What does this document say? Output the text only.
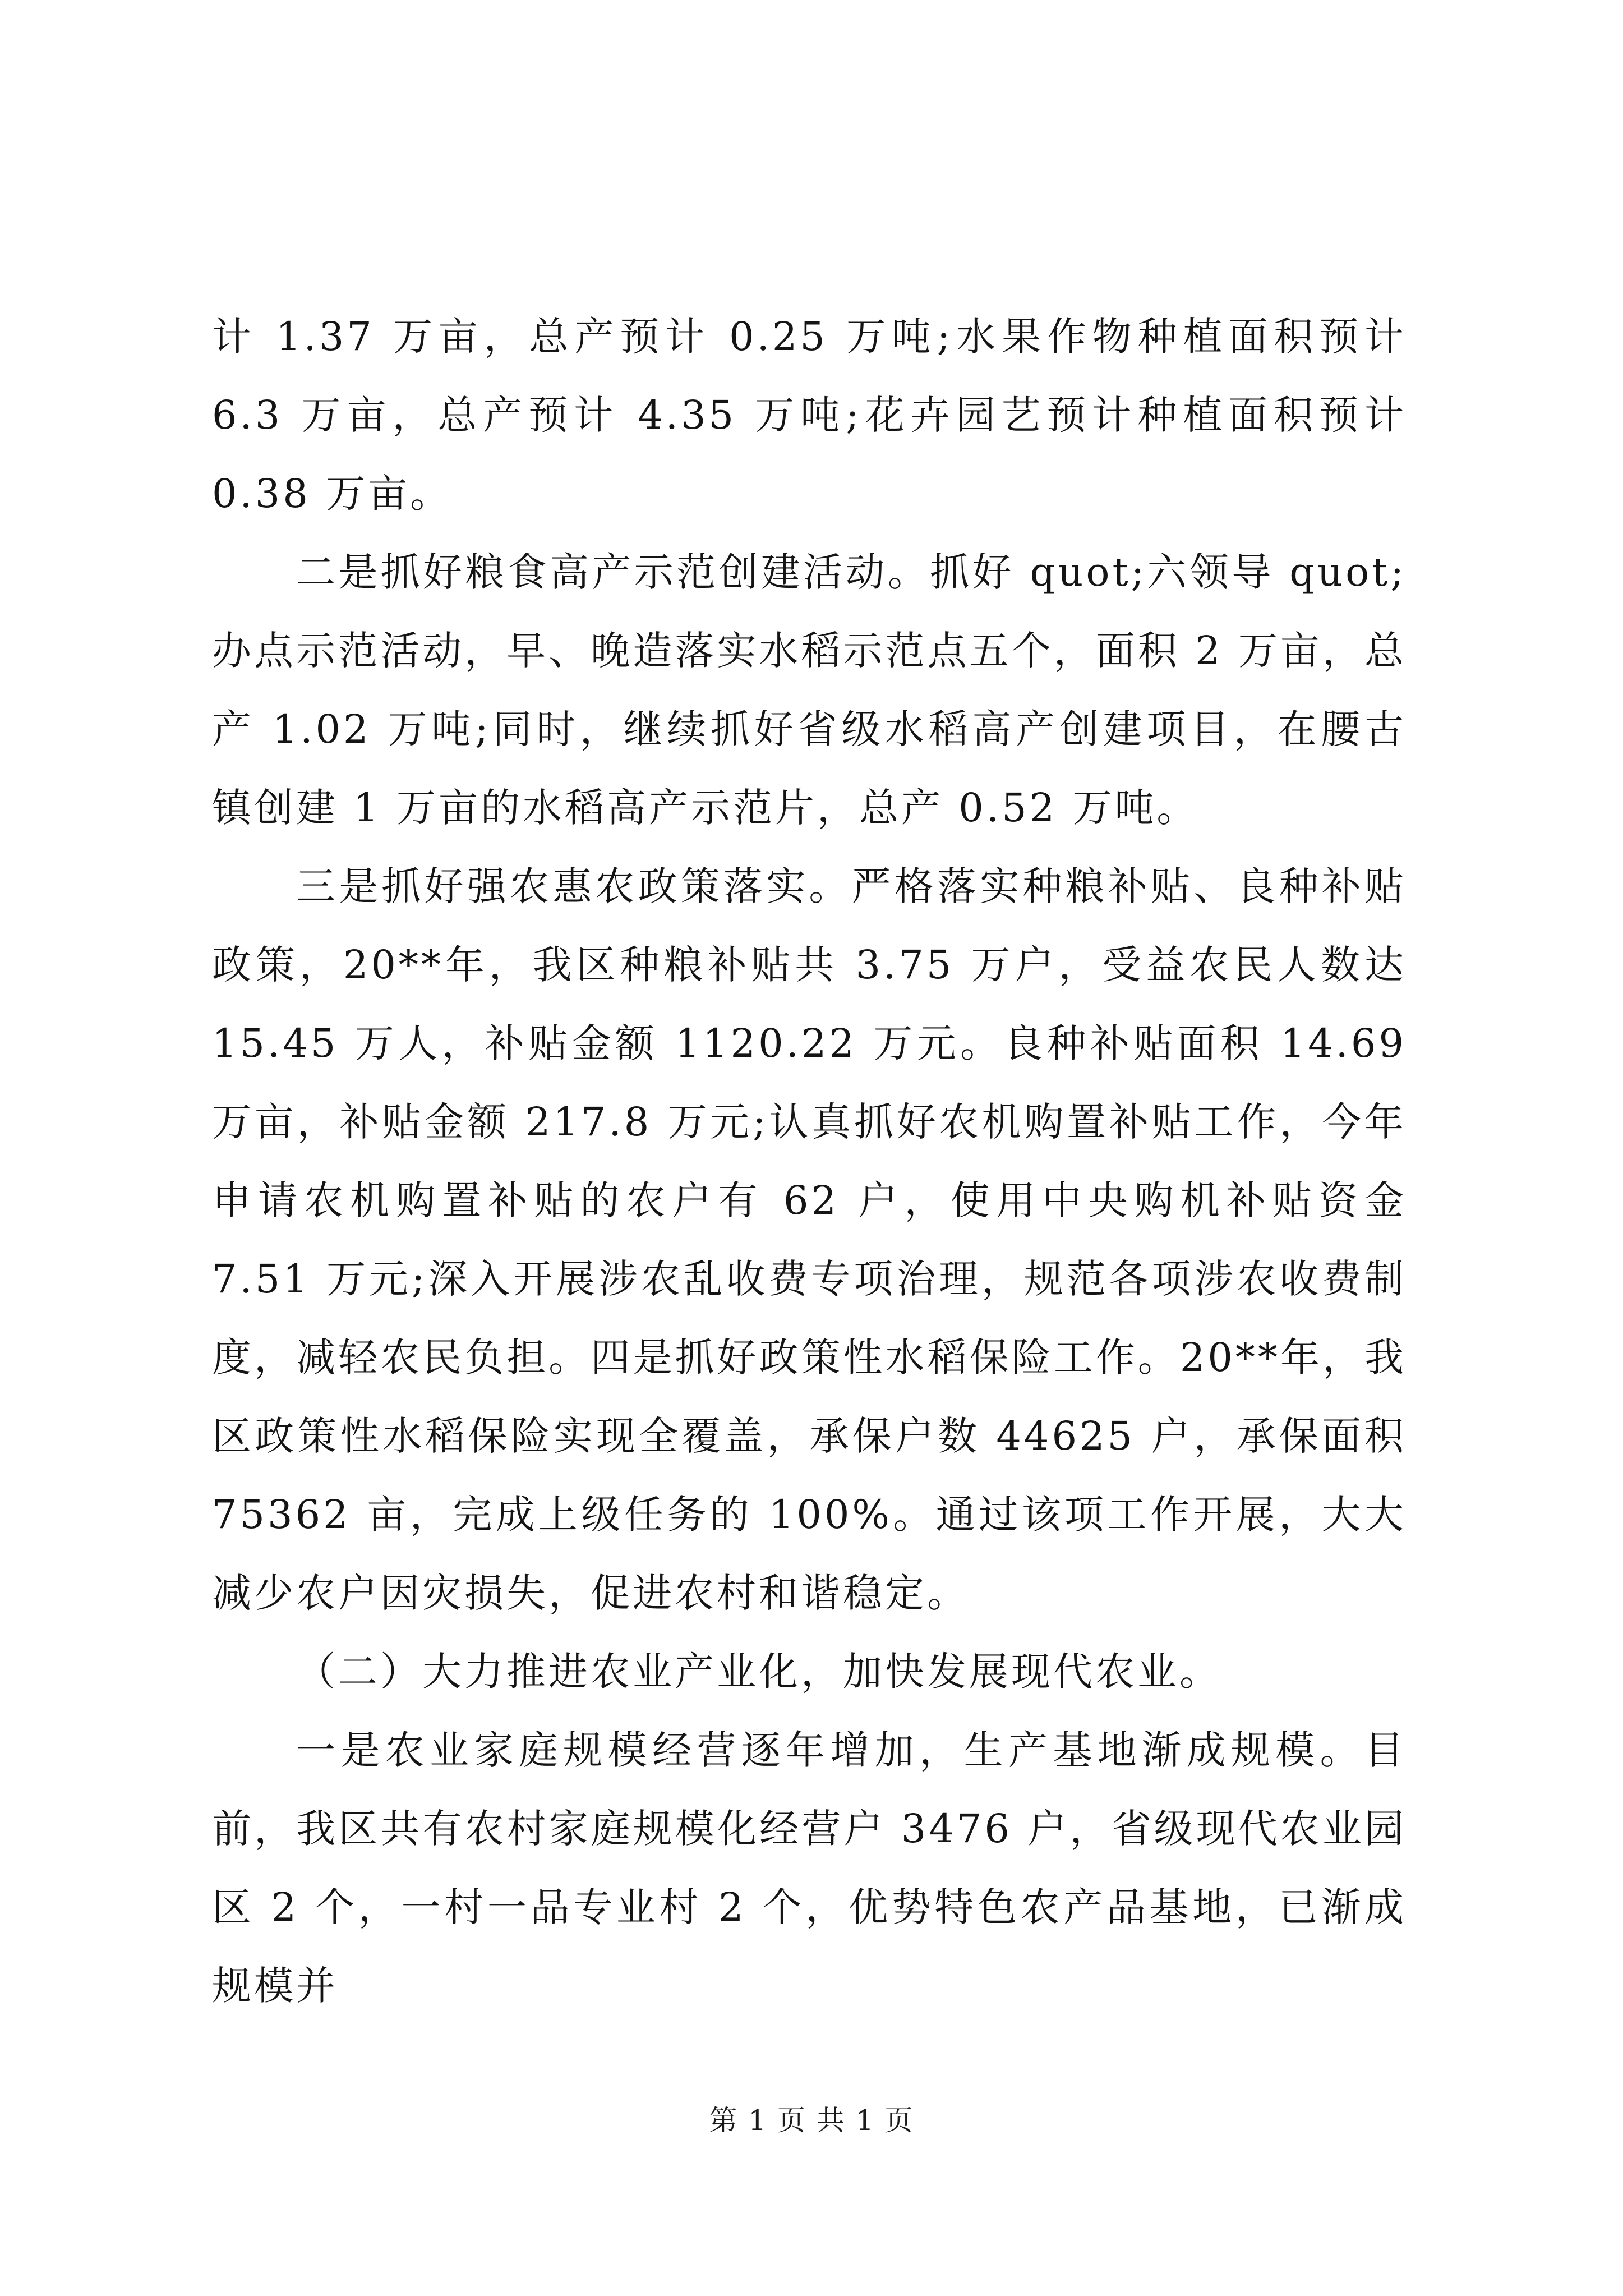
计 1.37 万亩，总产预计 0.25 万吨;水果作物种植面积预计 6.3 万亩，总产预计 4.35 万吨;花卉园艺预计种植面积预计 0.38 万亩。

二是抓好粮食高产示范创建活动。抓好 quot;六领导 quot;办点示范活动，早、晚造落实水稻示范点五个，面积 2 万亩，总产 1.02 万吨;同时，继续抓好省级水稻高产创建项目，在腰古镇创建 1 万亩的水稻高产示范片，总产 0.52 万吨。

三是抓好强农惠农政策落实。严格落实种粮补贴、良种补贴政策，20**年，我区种粮补贴共 3.75 万户，受益农民人数达 15.45 万人，补贴金额 1120.22 万元。良种补贴面积 14.69 万亩，补贴金额 217.8 万元;认真抓好农机购置补贴工作，今年申请农机购置补贴的农户有 62 户，使用中央购机补贴资金 7.51 万元;深入开展涉农乱收费专项治理，规范各项涉农收费制度，减轻农民负担。四是抓好政策性水稻保险工作。20**年，我区政策性水稻保险实现全覆盖，承保户数 44625 户，承保面积 75362 亩，完成上级任务的 100%。通过该项工作开展，大大减少农户因灾损失，促进农村和谐稳定。

（二）大力推进农业产业化，加快发展现代农业。

一是农业家庭规模经营逐年增加，生产基地渐成规模。目前，我区共有农村家庭规模化经营户 3476 户，省级现代农业园区 2 个，一村一品专业村 2 个，优势特色农产品基地，已渐成规模并

第 1 页 共 1 页
